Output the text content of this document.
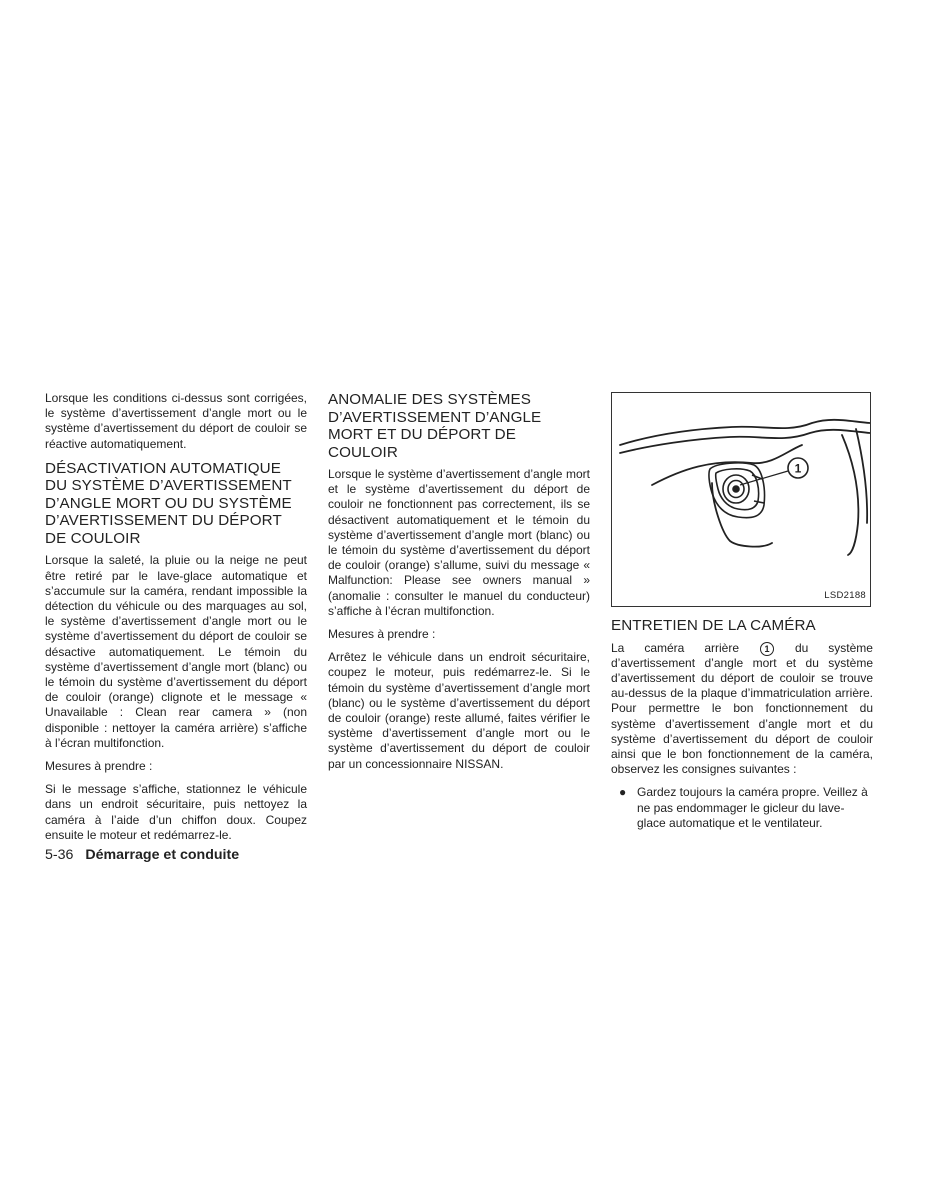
Lorsque les conditions ci-dessus sont corrigées, le système d’avertissement d’angle mort ou le système d’avertissement du déport de couloir se réactive automatiquement.

DÉSACTIVATION AUTOMATIQUE DU SYSTÈME D’AVERTISSEMENT D’ANGLE MORT OU DU SYSTÈME D’AVERTISSEMENT DU DÉPORT DE COULOIR

Lorsque la saleté, la pluie ou la neige ne peut être retiré par le lave-glace automatique et s’accumule sur la caméra, rendant impossible la détection du véhicule ou des marquages au sol, le système d’avertissement d’angle mort ou le système d’avertissement du déport de couloir se désactive automatiquement. Le témoin du système d’avertissement d’angle mort (blanc) ou le témoin du système d’avertissement du déport de couloir (orange) clignote et le message « Unavailable : Clean rear camera » (non disponible : nettoyer la caméra arrière) s’affiche à l’écran multifonction.

Mesures à prendre :

Si le message s’affiche, stationnez le véhicule dans un endroit sécuritaire, puis nettoyez la caméra à l’aide d’un chiffon doux. Coupez ensuite le moteur et redémarrez-le.

ANOMALIE DES SYSTÈMES D’AVERTISSEMENT D’ANGLE MORT ET DU DÉPORT DE COULOIR

Lorsque le système d’avertissement d’angle mort et le système d’avertissement du déport de couloir ne fonctionnent pas correctement, ils se désactivent automatiquement et le témoin du système d’avertissement d’angle mort (blanc) ou le témoin du système d’avertissement du déport de couloir (orange) s’allume, suivi du message « Malfunction: Please see owners manual » (anomalie : consulter le manuel du conducteur) s’affiche à l’écran multifonction.

Mesures à prendre :

Arrêtez le véhicule dans un endroit sécuritaire, coupez le moteur, puis redémarrez-le. Si le témoin du système d’avertissement d’angle mort (blanc) ou le système d’avertissement du déport de couloir (orange) reste allumé, faites vérifier le système d’avertissement d’angle mort ou le système d’avertissement du déport de couloir par un concessionnaire NISSAN.

1
LSD2188
ENTRETIEN DE LA CAMÉRA

La caméra arrière	1 du système d’avertissement d’angle mort et du système d’avertissement du déport de couloir se trouve au-dessus de la plaque d’immatriculation arrière. Pour permettre le bon fonctionnement du système d’avertissement d’angle mort et du système d’avertissement du déport de couloir ainsi que le bon fonctionnement de la caméra, observez les consignes suivantes :

● Gardez toujours la caméra propre. Veillez à ne pas endommager le gicleur du lave-glace automatique et le ventilateur.
5-36 Démarrage et conduite
